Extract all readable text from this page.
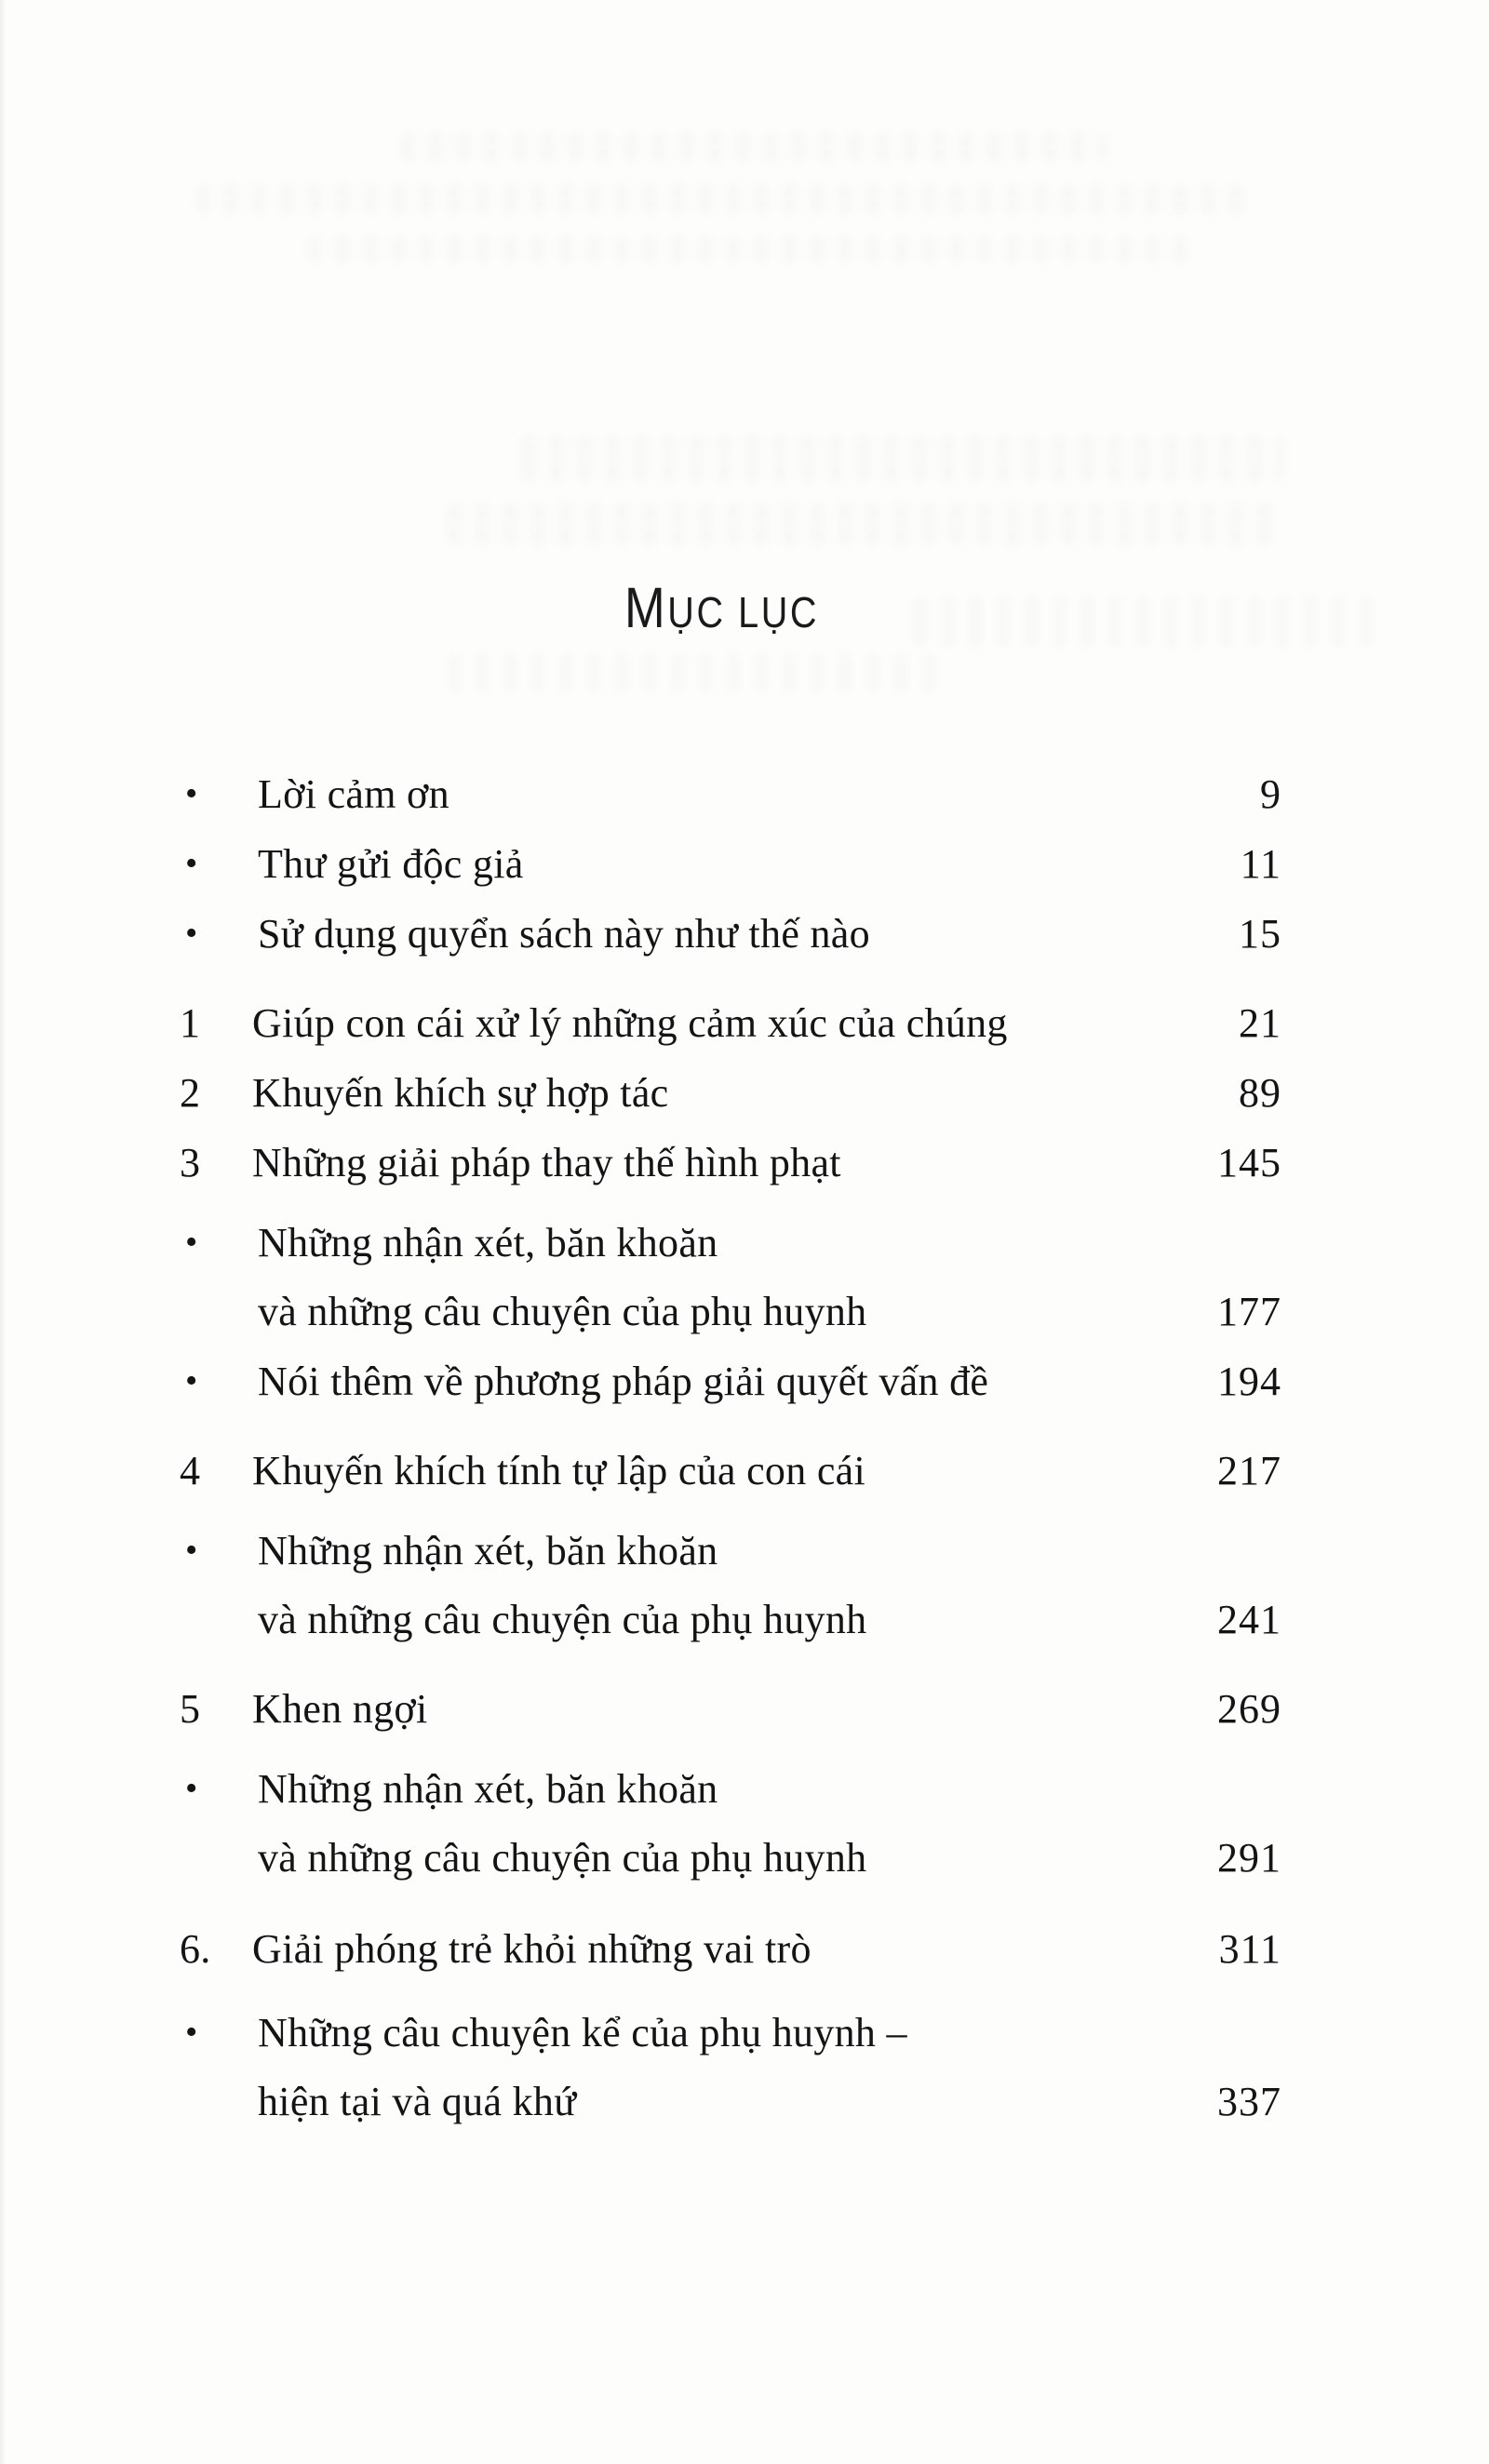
MỤC LỤC
•	Lời cảm ơn	9
•	Thư gửi độc giả	11
•	Sử dụng quyển sách này như thế nào	15
1	Giúp con cái xử lý những cảm xúc của chúng	21
2	Khuyến khích sự hợp tác	89
3	Những giải pháp thay thế hình phạt	145
•	Những nhận xét, băn khoăn
và những câu chuyện của phụ huynh	177
•	Nói thêm về phương pháp giải quyết vấn đề	194
4	Khuyến khích tính tự lập của con cái	217
•	Những nhận xét, băn khoăn
và những câu chuyện của phụ huynh	241
5	Khen ngợi	269
•	Những nhận xét, băn khoăn
và những câu chuyện của phụ huynh	291
6.	Giải phóng trẻ khỏi những vai trò	311
•	Những câu chuyện kể của phụ huynh –
hiện tại và quá khứ	337
